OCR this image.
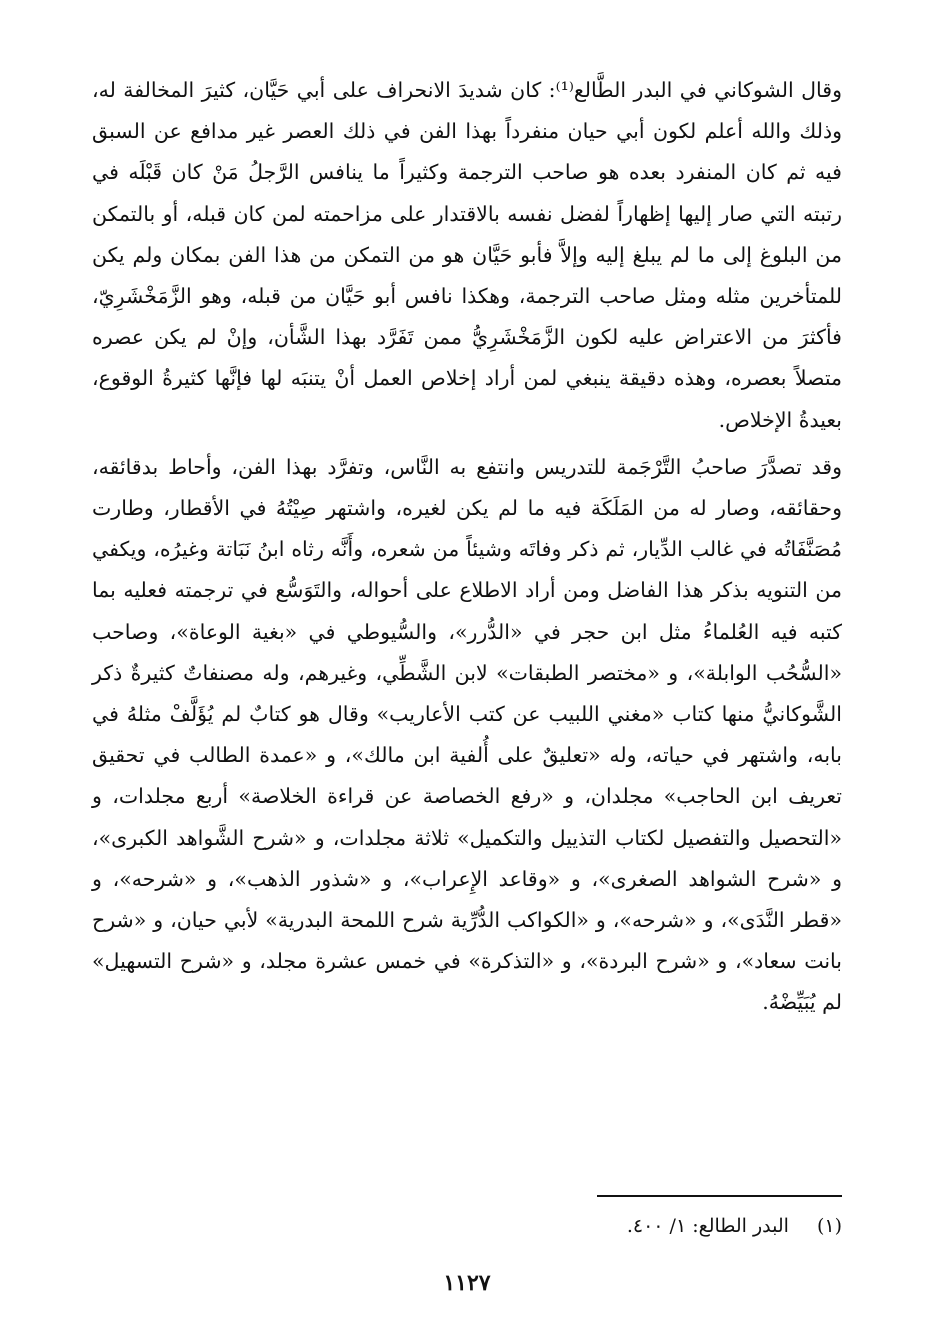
وقال الشوكاني في البدر الطَّالع⁽¹⁾: كان شديدَ الانحراف على أبي حَيَّان، كثيرَ المخالفة له، وذلك والله أعلم لكون أبي حيان منفرداً بهذا الفن في ذلك العصر غير مدافع عن السبق فيه ثم كان المنفرد بعده هو صاحب الترجمة وكثيراً ما ينافس الرَّجلُ مَنْ كان قَبْلَه في رتبته التي صار إليها إظهاراً لفضل نفسه بالاقتدار على مزاحمته لمن كان قبله، أو بالتمكن من البلوغ إلى ما لم يبلغ إليه وإلاَّ فأبو حَيَّان هو من التمكن من هذا الفن بمكان ولم يكن للمتأخرين مثله ومثل صاحب الترجمة، وهكذا نافس أبو حَيَّان من قبله، وهو الزَّمَخْشَرِيّ، فأكثرَ من الاعتراض عليه لكون الزَّمَخْشَرِيُّ ممن تَفَرَّد بهذا الشَّأن، وإنْ لم يكن عصره متصلاً بعصره، وهذه دقيقة ينبغي لمن أراد إخلاص العمل أنْ يتنبَه لها فإنَّها كثيرةُ الوقوع، بعيدةُ الإخلاص.

وقد تصدَّرَ صاحبُ التَّرْجَمة للتدريس وانتفع به النَّاس، وتفرَّد بهذا الفن، وأحاط بدقائقه، وحقائقه، وصار له من المَلَكَة فيه ما لم يكن لغيره، واشتهر صِيْتُهُ في الأقطار، وطارت مُصَنَّفَاتُه في غالب الدِّيار، ثم ذكر وفاتَه وشيئاً من شعره، وأَنَّه رثاه ابنُ نَبَاتة وغيرُه، ويكفي من التنويه بذكر هذا الفاضل ومن أراد الاطلاع على أحواله، والتَوَسُّع في ترجمته فعليه بما كتبه فيه العُلماءُ مثل ابن حجر في «الدُّرر»، والسُّيوطي في «بغية الوعاة»، وصاحب «السُّحُب الوابلة»، و «مختصر الطبقات» لابن الشَّطِّي، وغيرهم، وله مصنفاتٌ كثيرةٌ ذكر الشَّوكانيُّ منها كتاب «مغني اللبيب عن كتب الأعاريب» وقال هو كتابٌ لم يُؤَلَّفْ مثلهُ في بابه، واشتهر في حياته، وله «تعليقٌ على أُلفية ابن مالك»، و «عمدة الطالب في تحقيق تعريف ابن الحاجب» مجلدان، و «رفع الخصاصة عن قراءة الخلاصة» أربع مجلدات، و «التحصيل والتفصيل لكتاب التذييل والتكميل» ثلاثة مجلدات، و «شرح الشَّواهد الكبرى»، و «شرح الشواهد الصغرى»، و «وقاعد الإِعراب»، و «شذور الذهب»، و «شرحه»، و «قطر النَّدَى»، و «شرحه»، و «الكواكب الدُّرِّية شرح اللمحة البدرية» لأبي حيان، و «شرح بانت سعاد»، و «شرح البردة»، و «التذكرة» في خمس عشرة مجلد، و «شرح التسهيل» لم يُبَيِّضْهُ.

(١)البدر الطالع: ١/ ٤٠٠.
١١٢٧
